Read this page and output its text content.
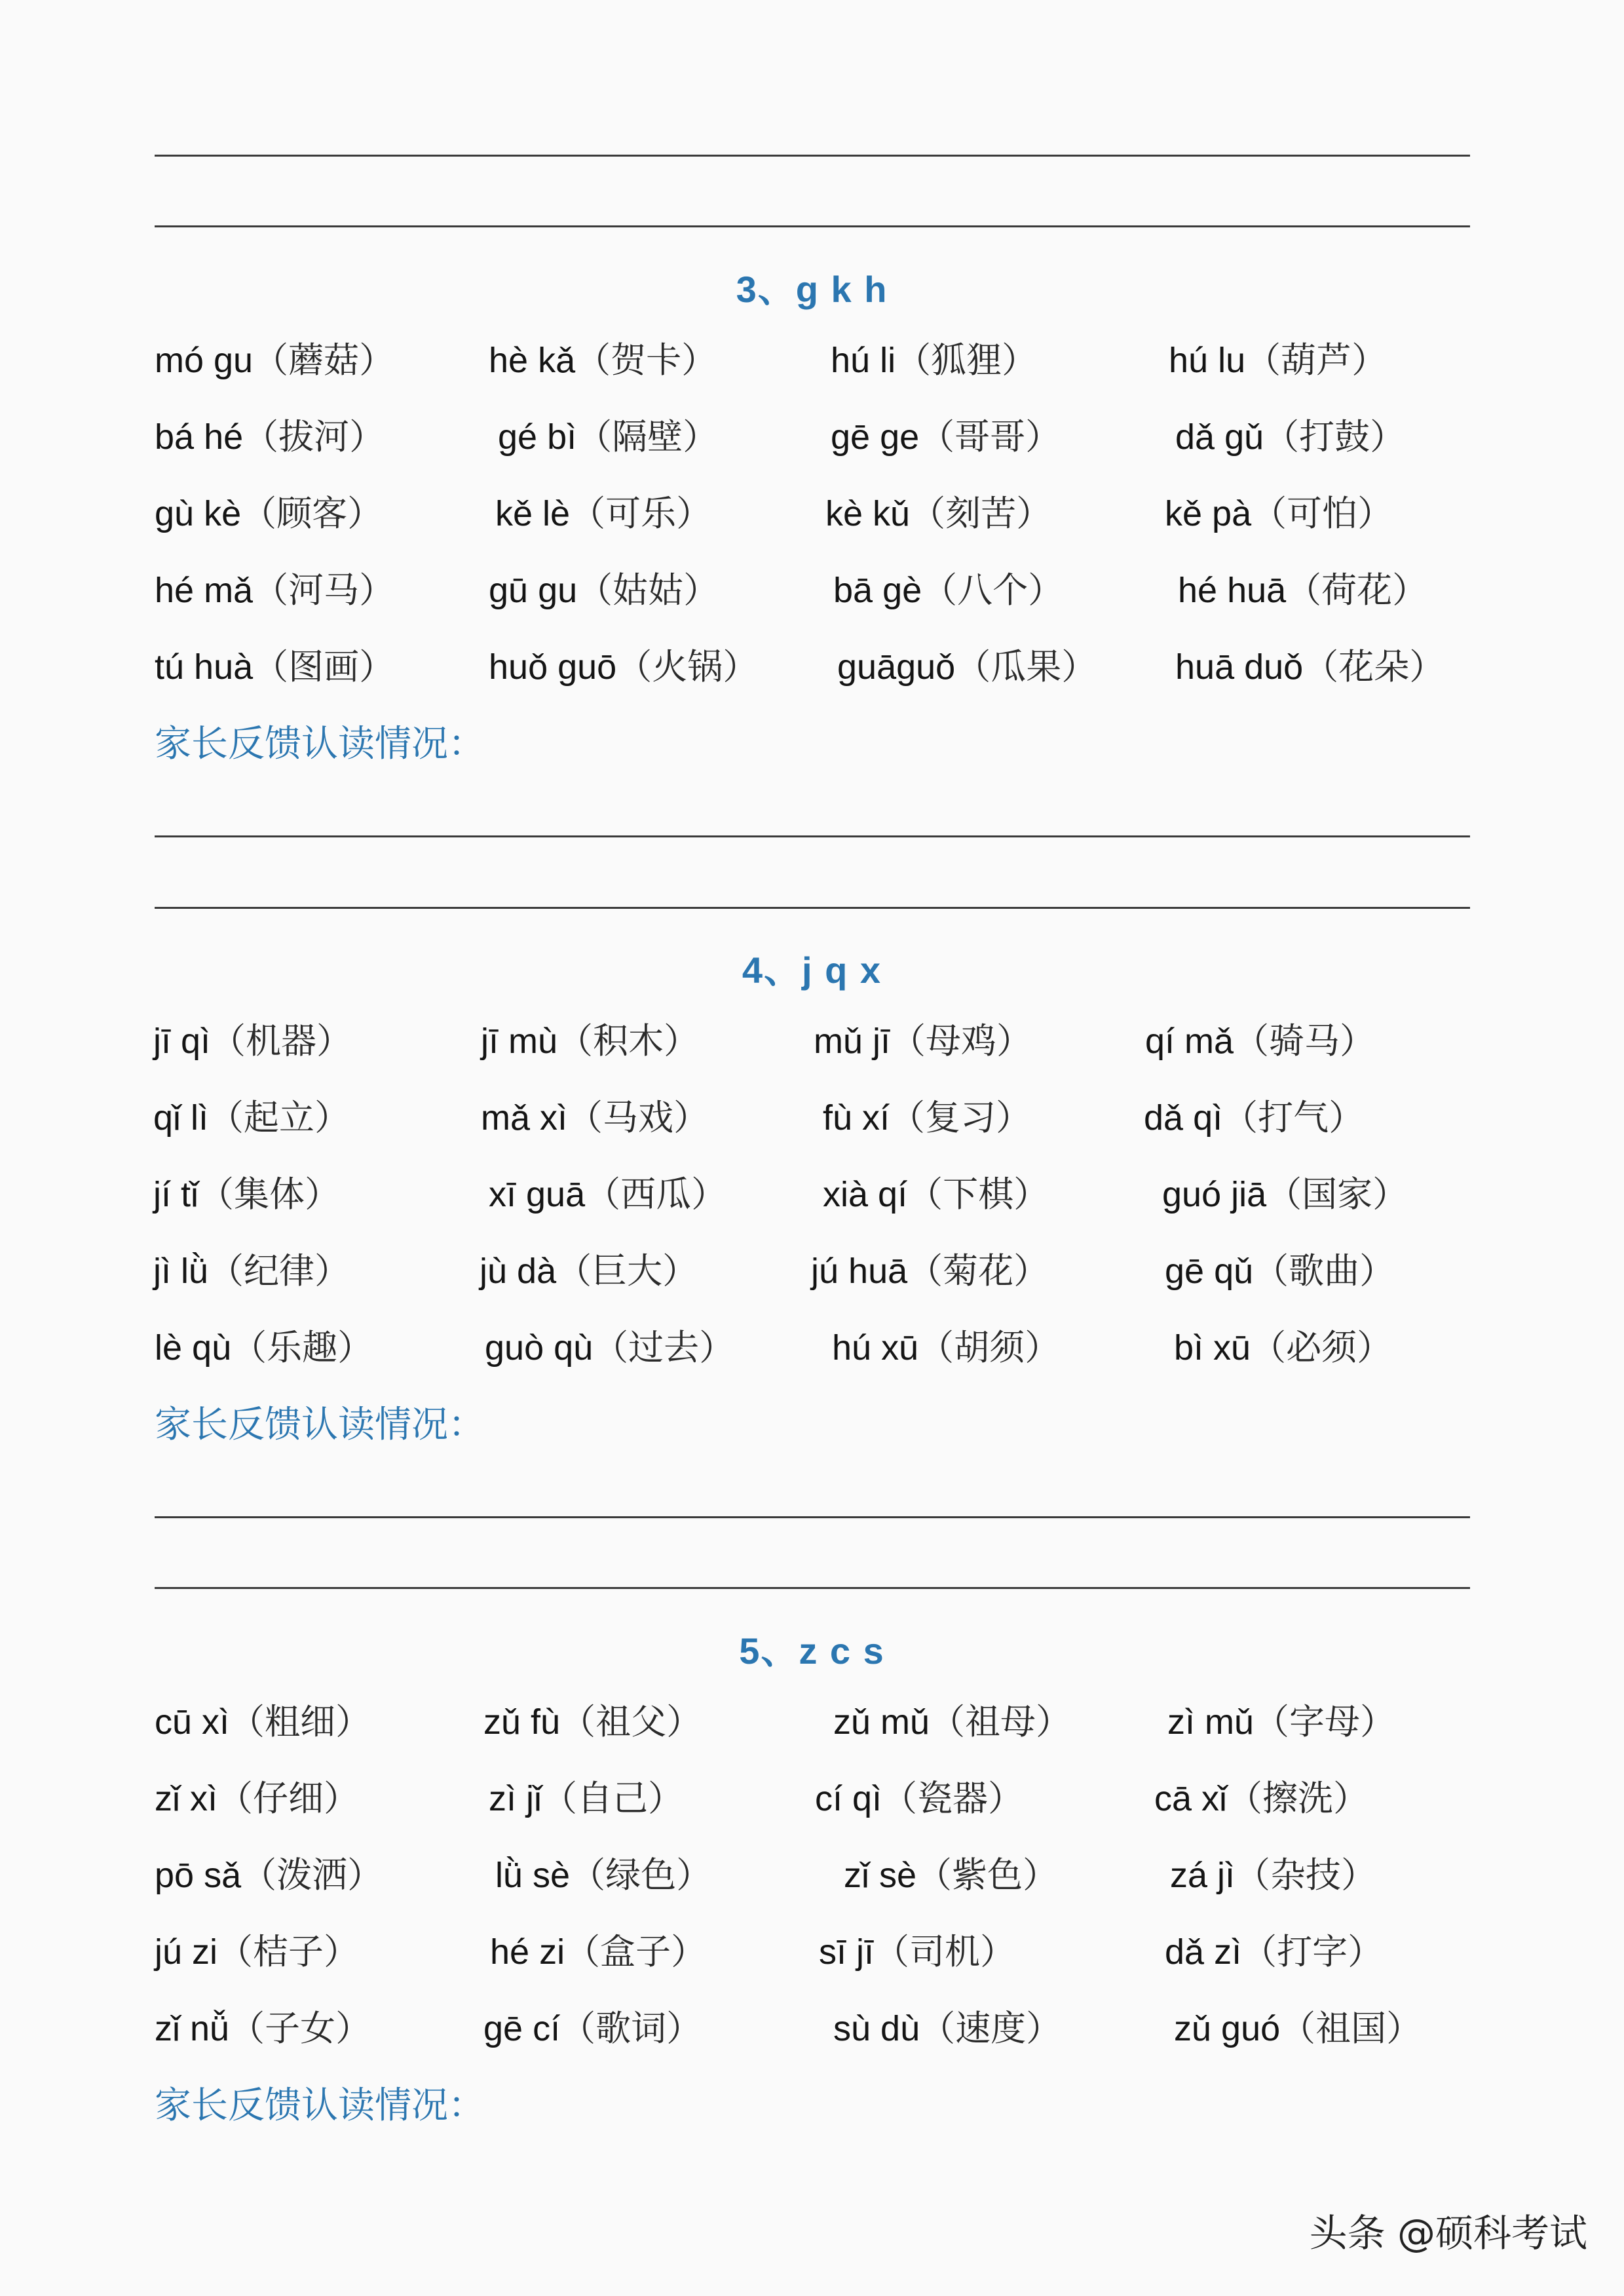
3、g k h
mó gu（蘑菇）	hè kǎ（贺卡）	hú li（狐狸）	hú lu（葫芦）
bá hé（拔河）	gé bì（隔壁）	gē ge（哥哥）	dǎ gǔ（打鼓）
gù kè（顾客）	kě lè（可乐）	kè kǔ（刻苦）	kě pà（可怕）
hé mǎ（河马）	gū gu（姑姑）	bā gè（八个）	hé huā（荷花）
tú huà（图画）	huǒ guō（火锅） guāguǒ（瓜果） huā duǒ（花朵）
家长反馈认读情况：
4、j q x
jī qì（机器）	jī mù（积木）	mǔ jī（母鸡）	qí mǎ（骑马）
qǐ lì（起立）	mǎ xì（马戏）	fù xí（复习）	dǎ qì（打气）
jí tǐ（集体）	xī guā（西瓜）	xià qí（下棋）	guó jiā（国家）
jì lǜ（纪律）	jù dà（巨大）	jú huā（菊花）	gē qǔ（歌曲）
lè qù（乐趣）	guò qù（过去）	hú xū（胡须）	bì xū（必须）
家长反馈认读情况：
5、z c s
cū xì（粗细）	zǔ fù（祖父）	zǔ mǔ（祖母）	zì mǔ（字母）
zǐ xì（仔细）	zì jǐ（自己）	cí qì（瓷器）	cā xǐ（擦洗）
pō sǎ（泼洒）	lǜ sè（绿色）	zǐ sè（紫色）	zá jì（杂技）
jú zi（桔子）	hé zi（盒子）	sī jī（司机）	dǎ zì（打字）
zǐ nǚ（子女）	gē cí（歌词）	sù dù（速度）	zǔ guó（祖国）
家长反馈认读情况：
头条 @硕科考试
